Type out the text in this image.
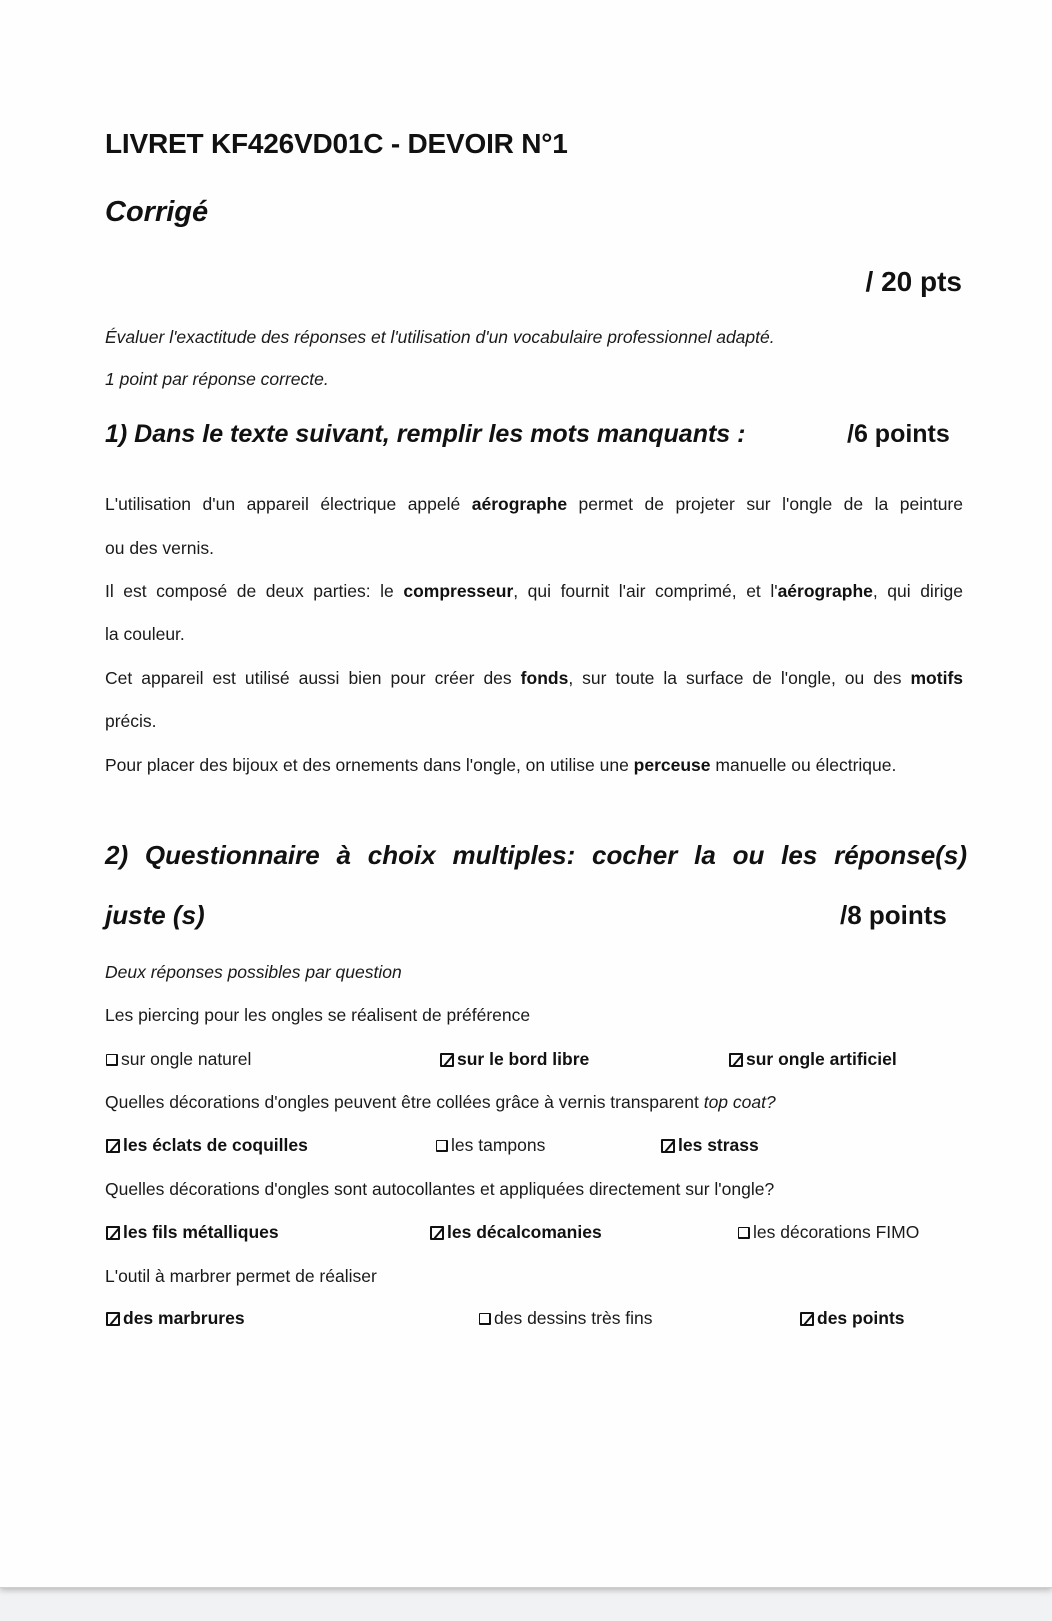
LIVRET KF426VD01C - DEVOIR N°1
Corrigé
/ 20 pts
Évaluer l'exactitude des réponses et l'utilisation d'un vocabulaire professionnel adapté.
1 point par réponse correcte.
1) Dans le texte suivant, remplir les mots manquants :	/6 points
L'utilisation d'un appareil électrique appelé aérographe permet de projeter sur l'ongle de la peinture
ou des vernis.
Il est composé de deux parties: le compresseur, qui fournit l'air comprimé, et l'aérographe, qui dirige
la couleur.
Cet appareil est utilisé aussi bien pour créer des fonds, sur toute la surface de l'ongle, ou des motifs
précis.
Pour placer des bijoux et des ornements dans l'ongle, on utilise une perceuse manuelle ou électrique.
2) Questionnaire à choix multiples: cocher la ou les réponse(s)
juste (s)	/8 points
Deux réponses possibles par question
Les piercing pour les ongles se réalisent de préférence
sur ongle naturel	sur le bord libre	sur ongle artificiel
Quelles décorations d'ongles peuvent être collées grâce à vernis transparent top coat?
les éclats de coquilles	les tampons	les strass
Quelles décorations d'ongles sont autocollantes et appliquées directement sur l'ongle?
les fils métalliques	les décalcomanies	les décorations FIMO
L'outil à marbrer permet de réaliser
des marbrures	des dessins très fins	des points
